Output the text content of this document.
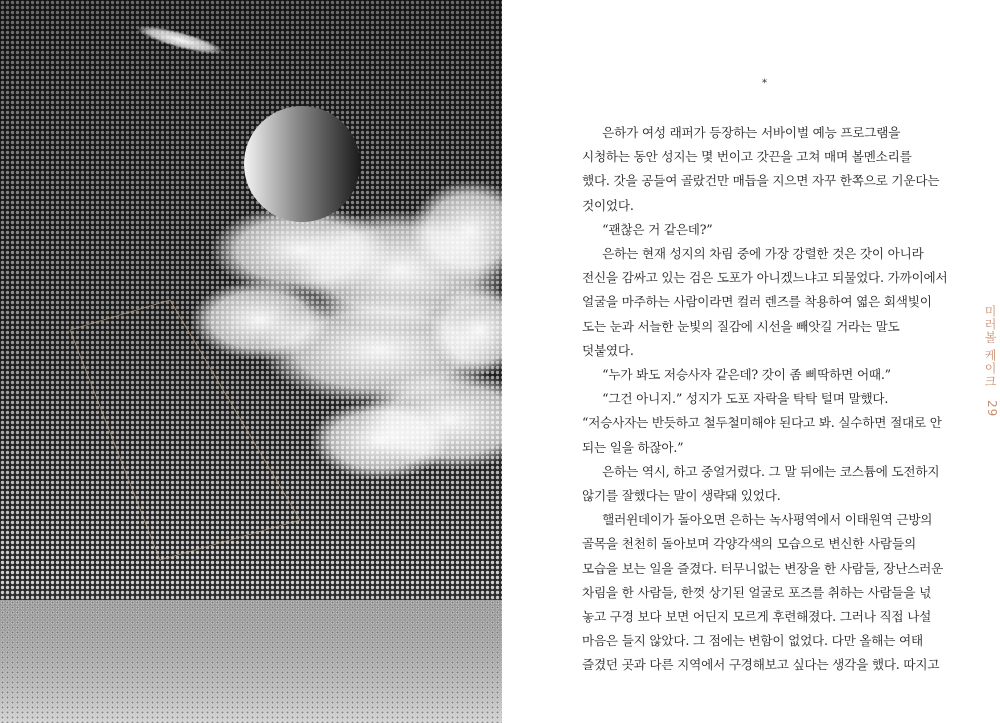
*

은하가 여성 래퍼가 등장하는 서바이벌 예능 프로그램을

시청하는 동안 성지는 몇 번이고 갓끈을 고쳐 매며 볼멘소리를

했다. 갓을 공들여 골랐건만 매듭을 지으면 자꾸 한쪽으로 기운다는

것이었다.

“괜찮은 거 같은데?”

은하는 현재 성지의 차림 중에 가장 강렬한 것은 갓이 아니라

전신을 감싸고 있는 검은 도포가 아니겠느냐고 되물었다. 가까이에서

얼굴을 마주하는 사람이라면 컬러 렌즈를 착용하여 엷은 회색빛이

도는 눈과 서늘한 눈빛의 질감에 시선을 빼앗길 거라는 말도

덧붙였다.

“누가 봐도 저승사자 같은데? 갓이 좀 삐딱하면 어때.”

“그건 아니지.” 성지가 도포 자락을 탁탁 털며 말했다.

“저승사자는 반듯하고 철두철미해야 된다고 봐. 실수하면 절대로 안

되는 일을 하잖아.”

은하는 역시, 하고 중얼거렸다. 그 말 뒤에는 코스튬에 도전하지

않기를 잘했다는 말이 생략돼 있었다.

핼러윈데이가 돌아오면 은하는 녹사평역에서 이태원역 근방의

골목을 천천히 돌아보며 각양각색의 모습으로 변신한 사람들의

모습을 보는 일을 즐겼다. 터무니없는 변장을 한 사람들, 장난스러운

차림을 한 사람들, 한껏 상기된 얼굴로 포즈를 취하는 사람들을 넋

놓고 구경 보다 보면 어딘지 모르게 후련해졌다. 그러나 직접 나설

마음은 들지 않았다. 그 점에는 변함이 없었다. 다만 올해는 여태

즐겼던 곳과 다른 지역에서 구경해보고 싶다는 생각을 했다. 따지고

미러볼 케이크
29
